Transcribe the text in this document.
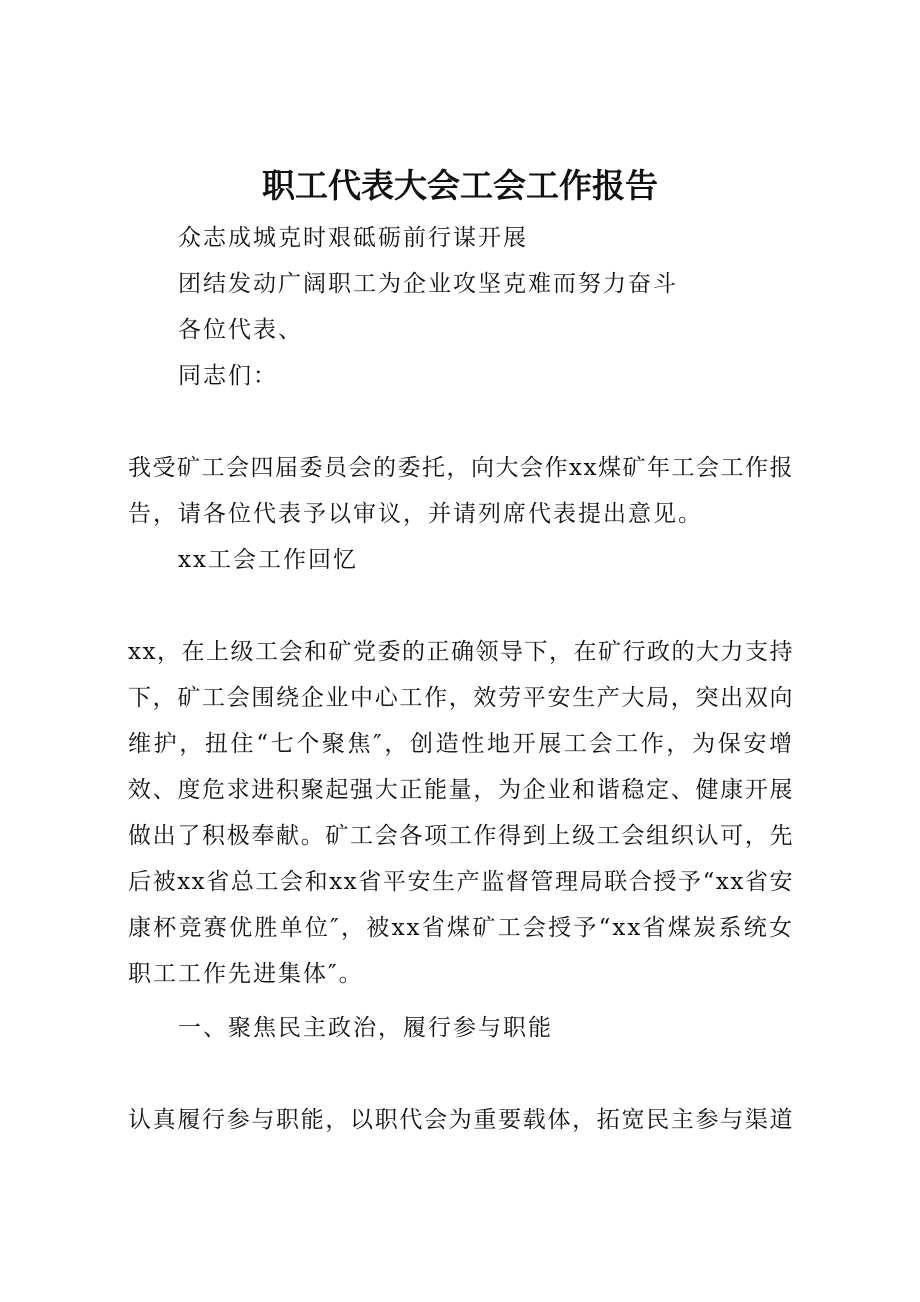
职工代表大会工会工作报告
众志成城克时艰砥砺前行谋开展
团结发动广阔职工为企业攻坚克难而努力奋斗
各位代表、
同志们：
我受矿工会四届委员会的委托，向大会作xx煤矿年工会工作报
告，请各位代表予以审议，并请列席代表提出意见。
xx工会工作回忆
xx，在上级工会和矿党委的正确领导下，在矿行政的大力支持
下，矿工会围绕企业中心工作，效劳平安生产大局，突出双向
维护，扭住“七个聚焦″，创造性地开展工会工作，为保安增
效、度危求进积聚起强大正能量，为企业和谐稳定、健康开展
做出了积极奉献。矿工会各项工作得到上级工会组织认可，先
后被xx省总工会和xx省平安生产监督管理局联合授予“xx省安
康杯竞赛优胜单位″，被xx省煤矿工会授予“xx省煤炭系统女
职工工作先进集体″。
一、聚焦民主政治，履行参与职能
认真履行参与职能，以职代会为重要载体，拓宽民主参与渠道
